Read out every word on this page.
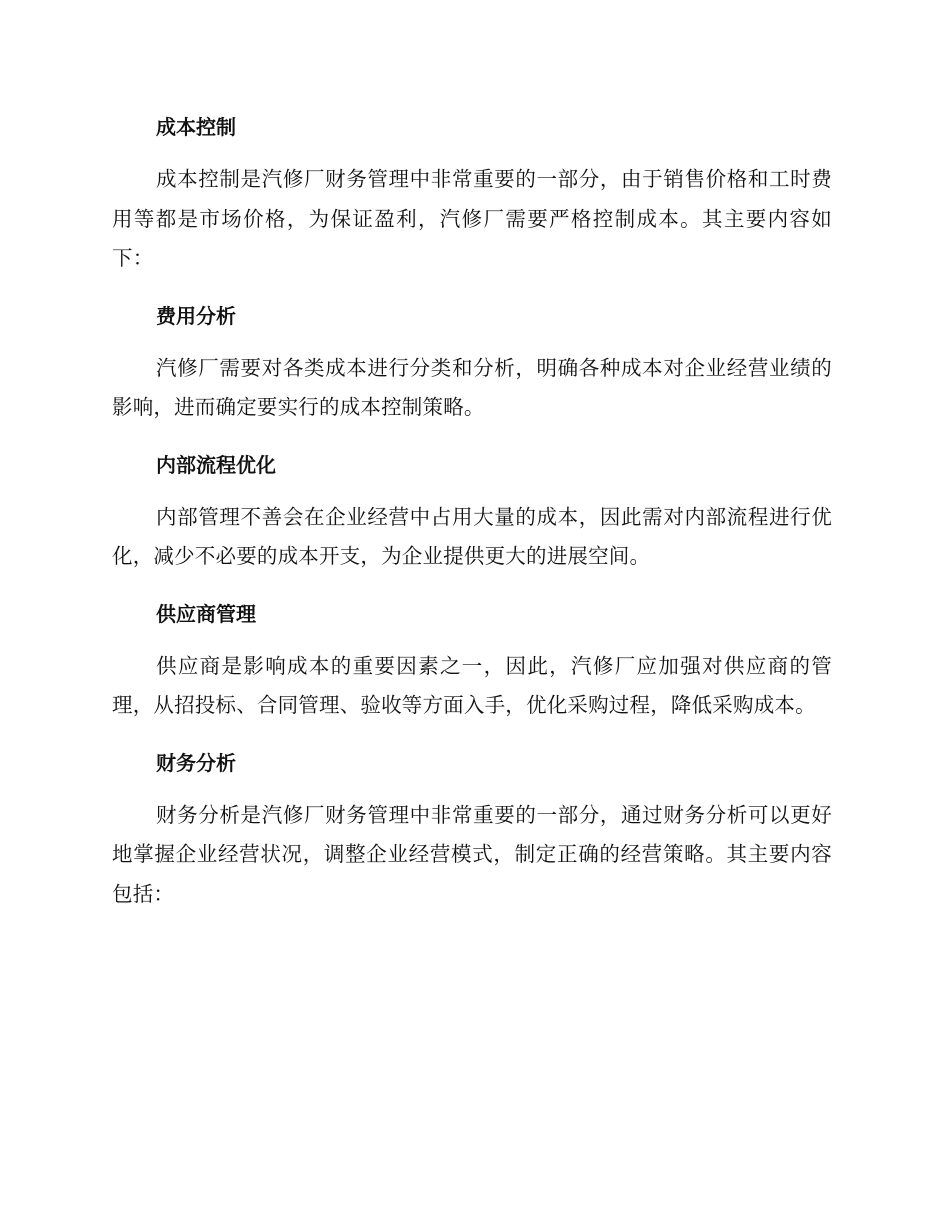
成本控制

成本控制是汽修厂财务管理中非常重要的一部分，由于销售价格和工时费用等都是市场价格，为保证盈利，汽修厂需要严格控制成本。其主要内容如下：

费用分析

汽修厂需要对各类成本进行分类和分析，明确各种成本对企业经营业绩的影响，进而确定要实行的成本控制策略。

内部流程优化

内部管理不善会在企业经营中占用大量的成本，因此需对内部流程进行优化，减少不必要的成本开支，为企业提供更大的进展空间。

供应商管理

供应商是影响成本的重要因素之一，因此，汽修厂应加强对供应商的管理，从招投标、合同管理、验收等方面入手，优化采购过程，降低采购成本。

财务分析

财务分析是汽修厂财务管理中非常重要的一部分，通过财务分析可以更好地掌握企业经营状况，调整企业经营模式，制定正确的经营策略。其主要内容包括：
